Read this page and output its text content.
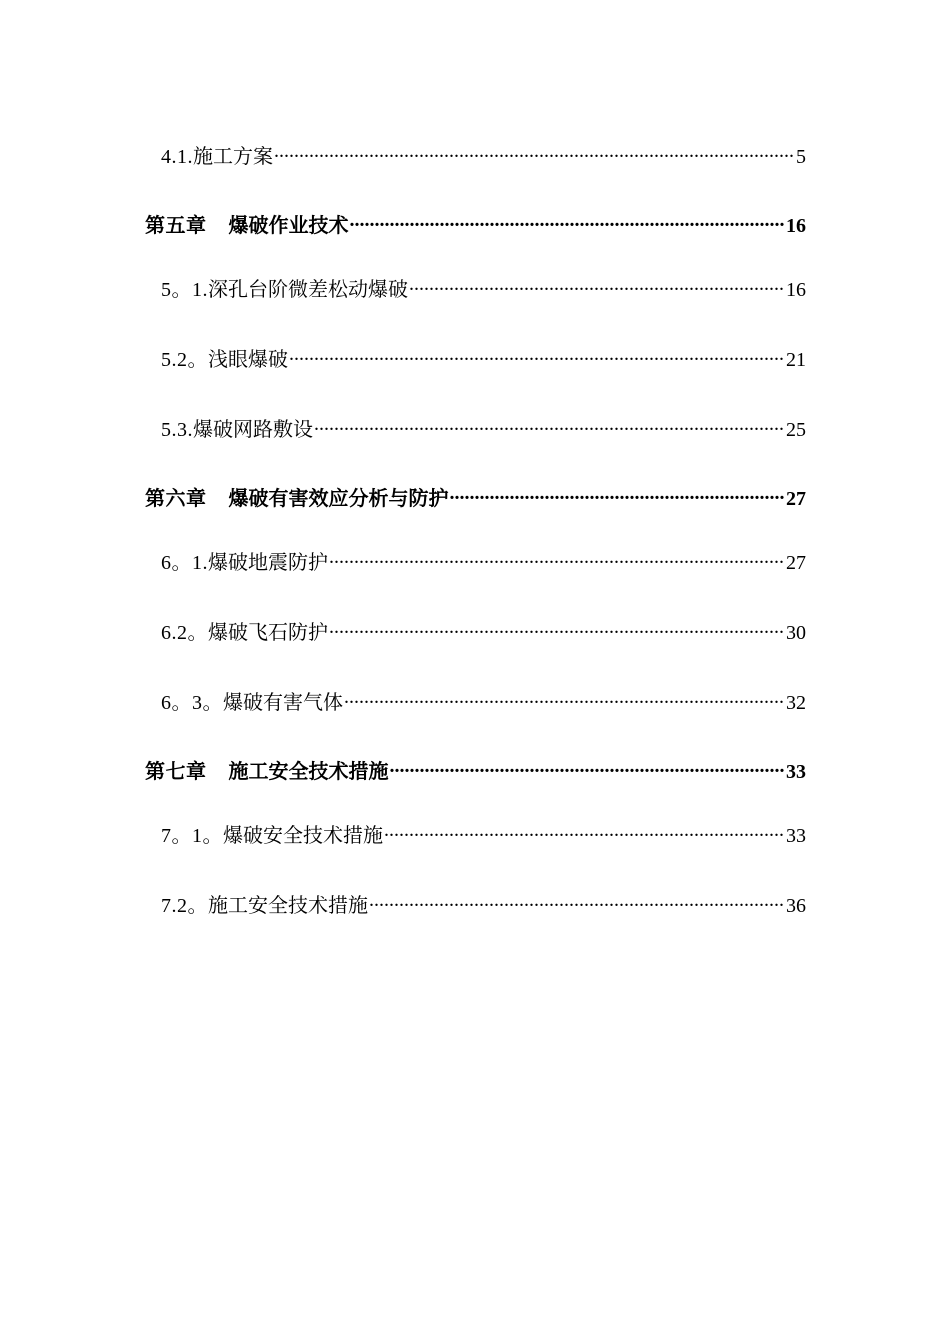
4.1.施工方案 .....	5
第五章 爆破作业技术 .....	16
5。1.深孔台阶微差松动爆破 .....	16
5.2。浅眼爆破 .....	21
5.3.爆破网路敷设 .....	25
第六章 爆破有害效应分析与防护 .....	27
6。1.爆破地震防护 .....	27
6.2。爆破飞石防护 .....	30
6。3。爆破有害气体 .....	32
第七章 施工安全技术措施 .....	33
7。1。爆破安全技术措施 .....	33
7.2。施工安全技术措施 .....	36
